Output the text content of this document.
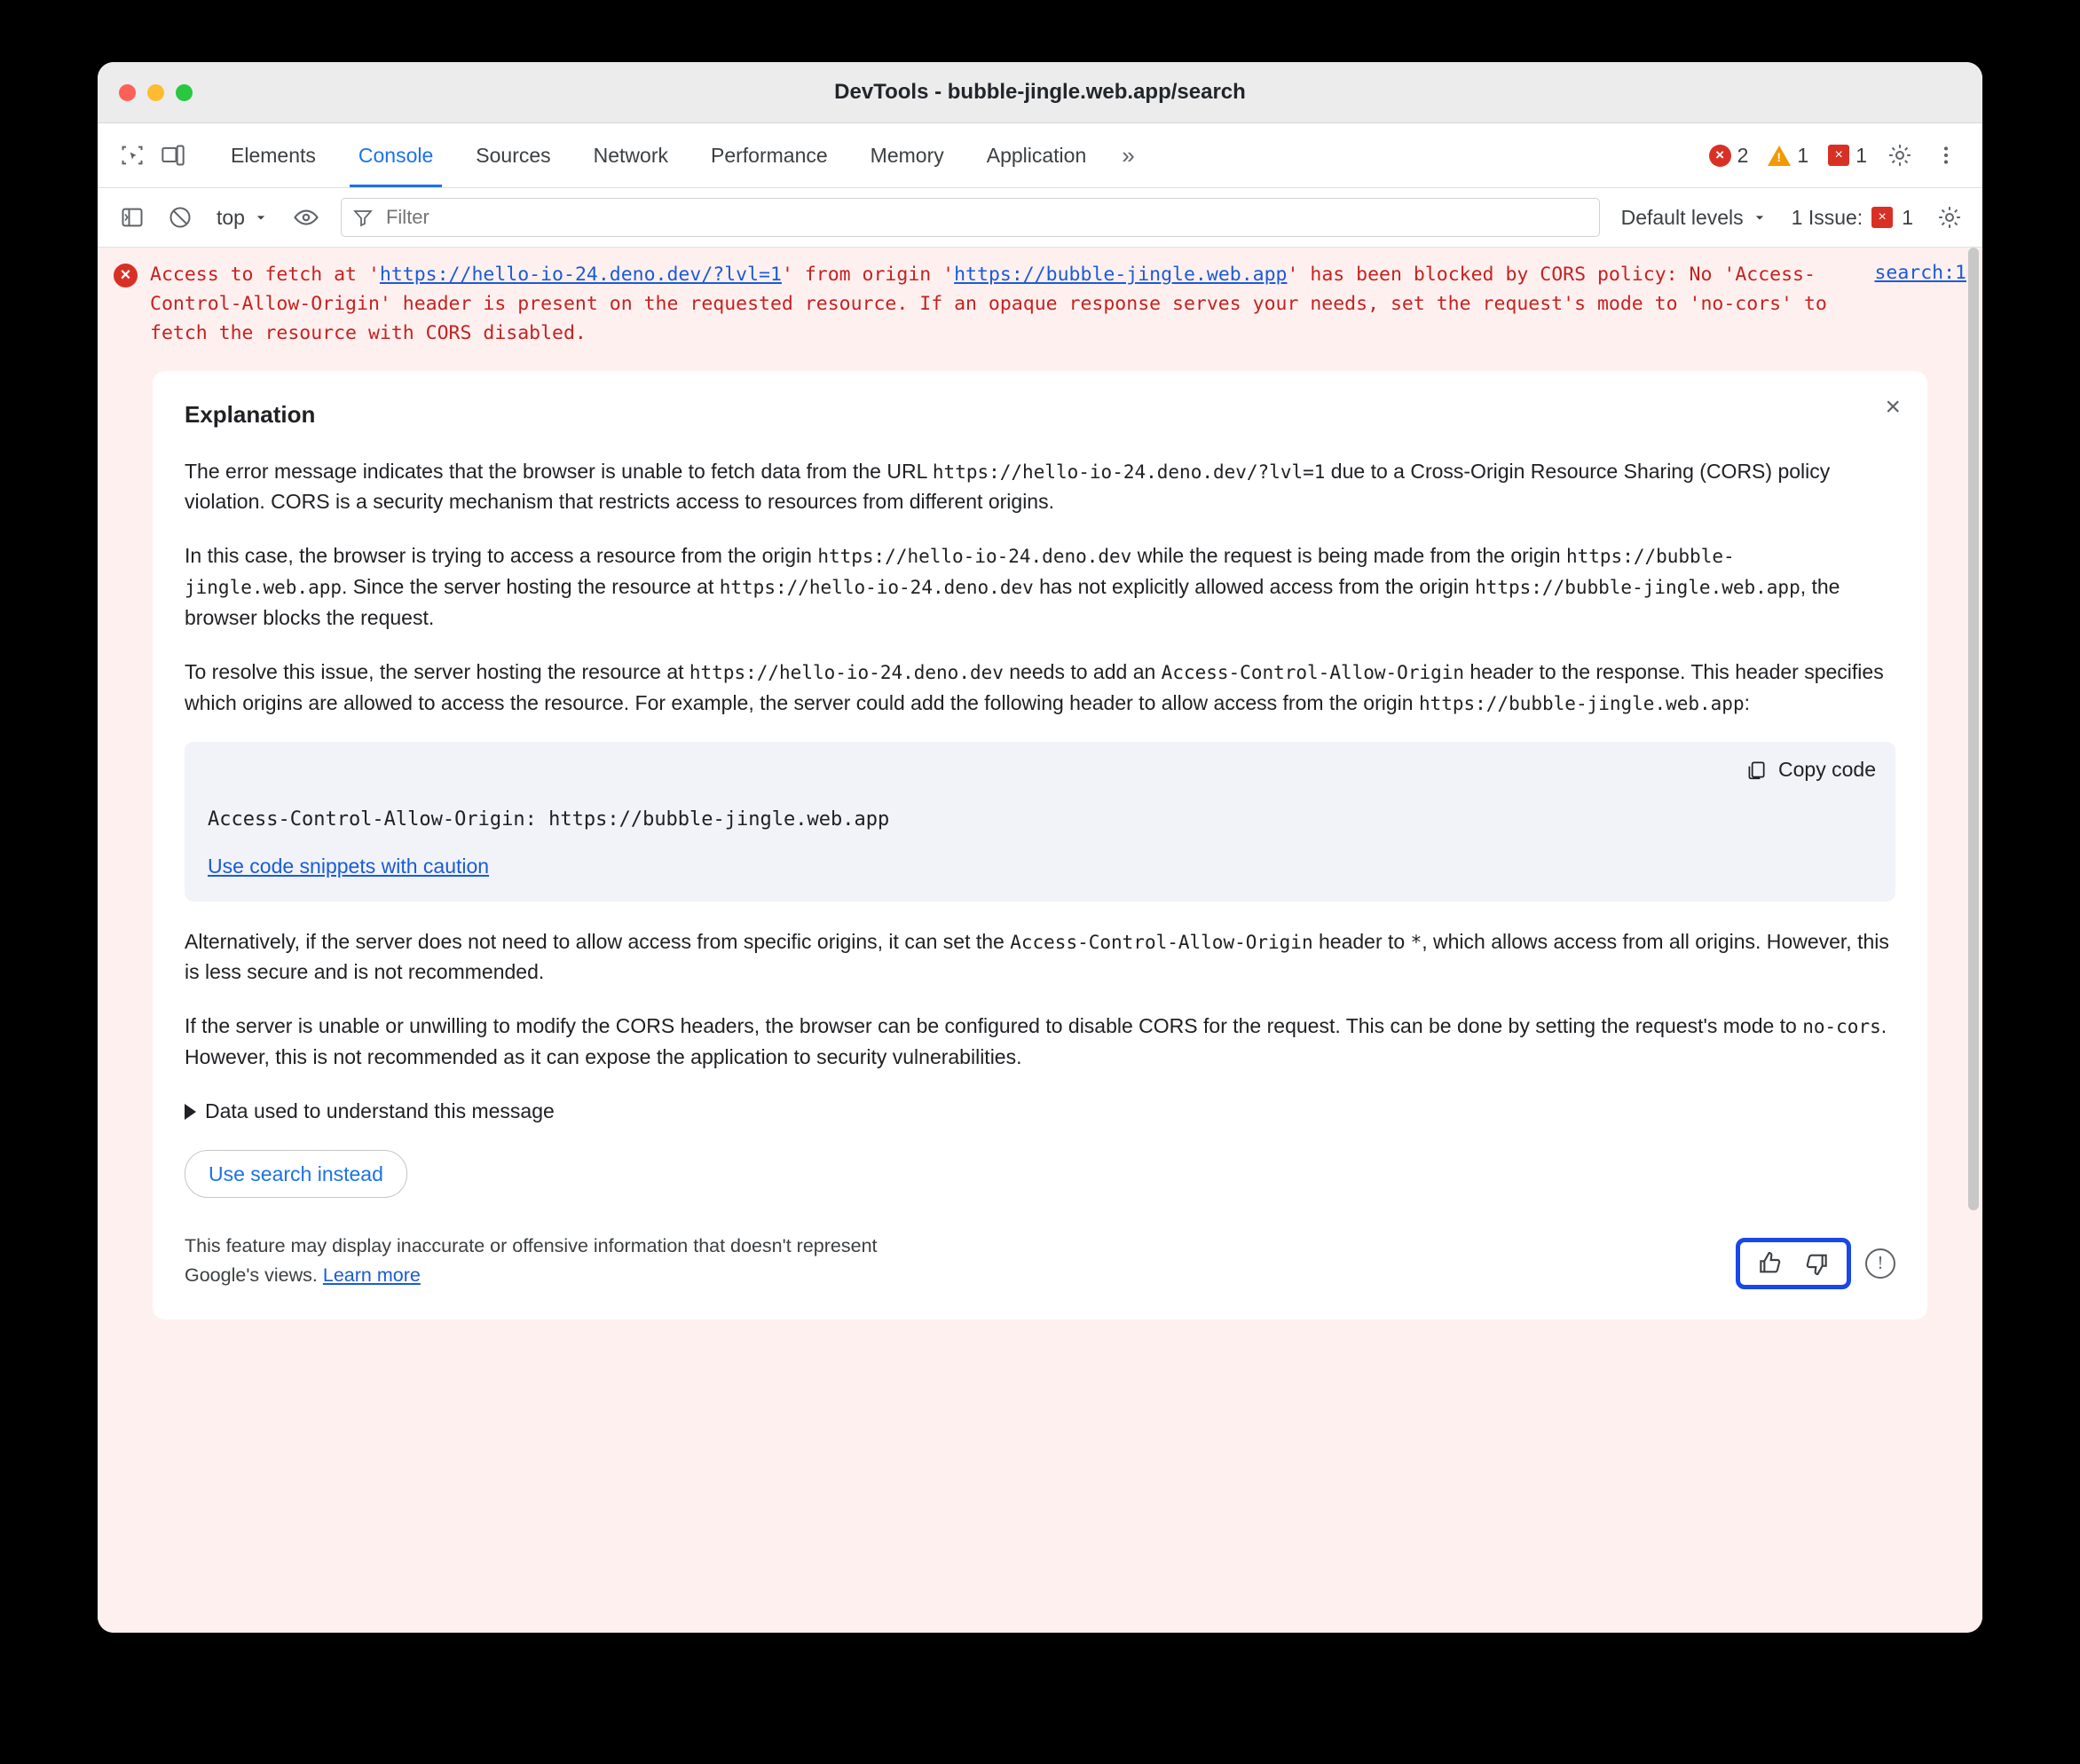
DevTools - bubble-jingle.web.app/search
Elements	Console	Sources	Network	Performance	Memory	Application	»	× 2 ! 1	× 1
top
Filter	Default levels 1 Issue:	× 1
×	Access to fetch at 'https://hello-io-24.deno.dev/?lvl=1' from origin 'https://bubble-jingle.web.app' has been blocked by CORS policy: No 'Access-Control-Allow-Origin' header is present on the requested resource. If an opaque response serves your needs, set the request's mode to 'no-cors' to fetch the resource with CORS disabled.
search:1
×
Explanation

The error message indicates that the browser is unable to fetch data from the URL https://hello-io-24.deno.dev/?lvl=1 due to a Cross-Origin Resource Sharing (CORS) policy violation. CORS is a security mechanism that restricts access to resources from different origins.

In this case, the browser is trying to access a resource from the origin https://hello-io-24.deno.dev while the request is being made from the origin https://bubble-jingle.web.app. Since the server hosting the resource at https://hello-io-24.deno.dev has not explicitly allowed access from the origin https://bubble-jingle.web.app, the browser blocks the request.

To resolve this issue, the server hosting the resource at https://hello-io-24.deno.dev needs to add an Access-Control-Allow-Origin header to the response. This header specifies which origins are allowed to access the resource. For example, the server could add the following header to allow access from the origin https://bubble-jingle.web.app:

Copy code
Access-Control-Allow-Origin: https://bubble-jingle.web.app
Use code snippets with caution

Alternatively, if the server does not need to allow access from specific origins, it can set the Access-Control-Allow-Origin header to *, which allows access from all origins. However, this is less secure and is not recommended.

If the server is unable or unwilling to modify the CORS headers, the browser can be configured to disable CORS for the request. This can be done by setting the request's mode to no-cors. However, this is not recommended as it can expose the application to security vulnerabilities.

Data used to understand this message
Use search instead
This feature may display inaccurate or offensive information that doesn't represent Google's views. Learn more
!
